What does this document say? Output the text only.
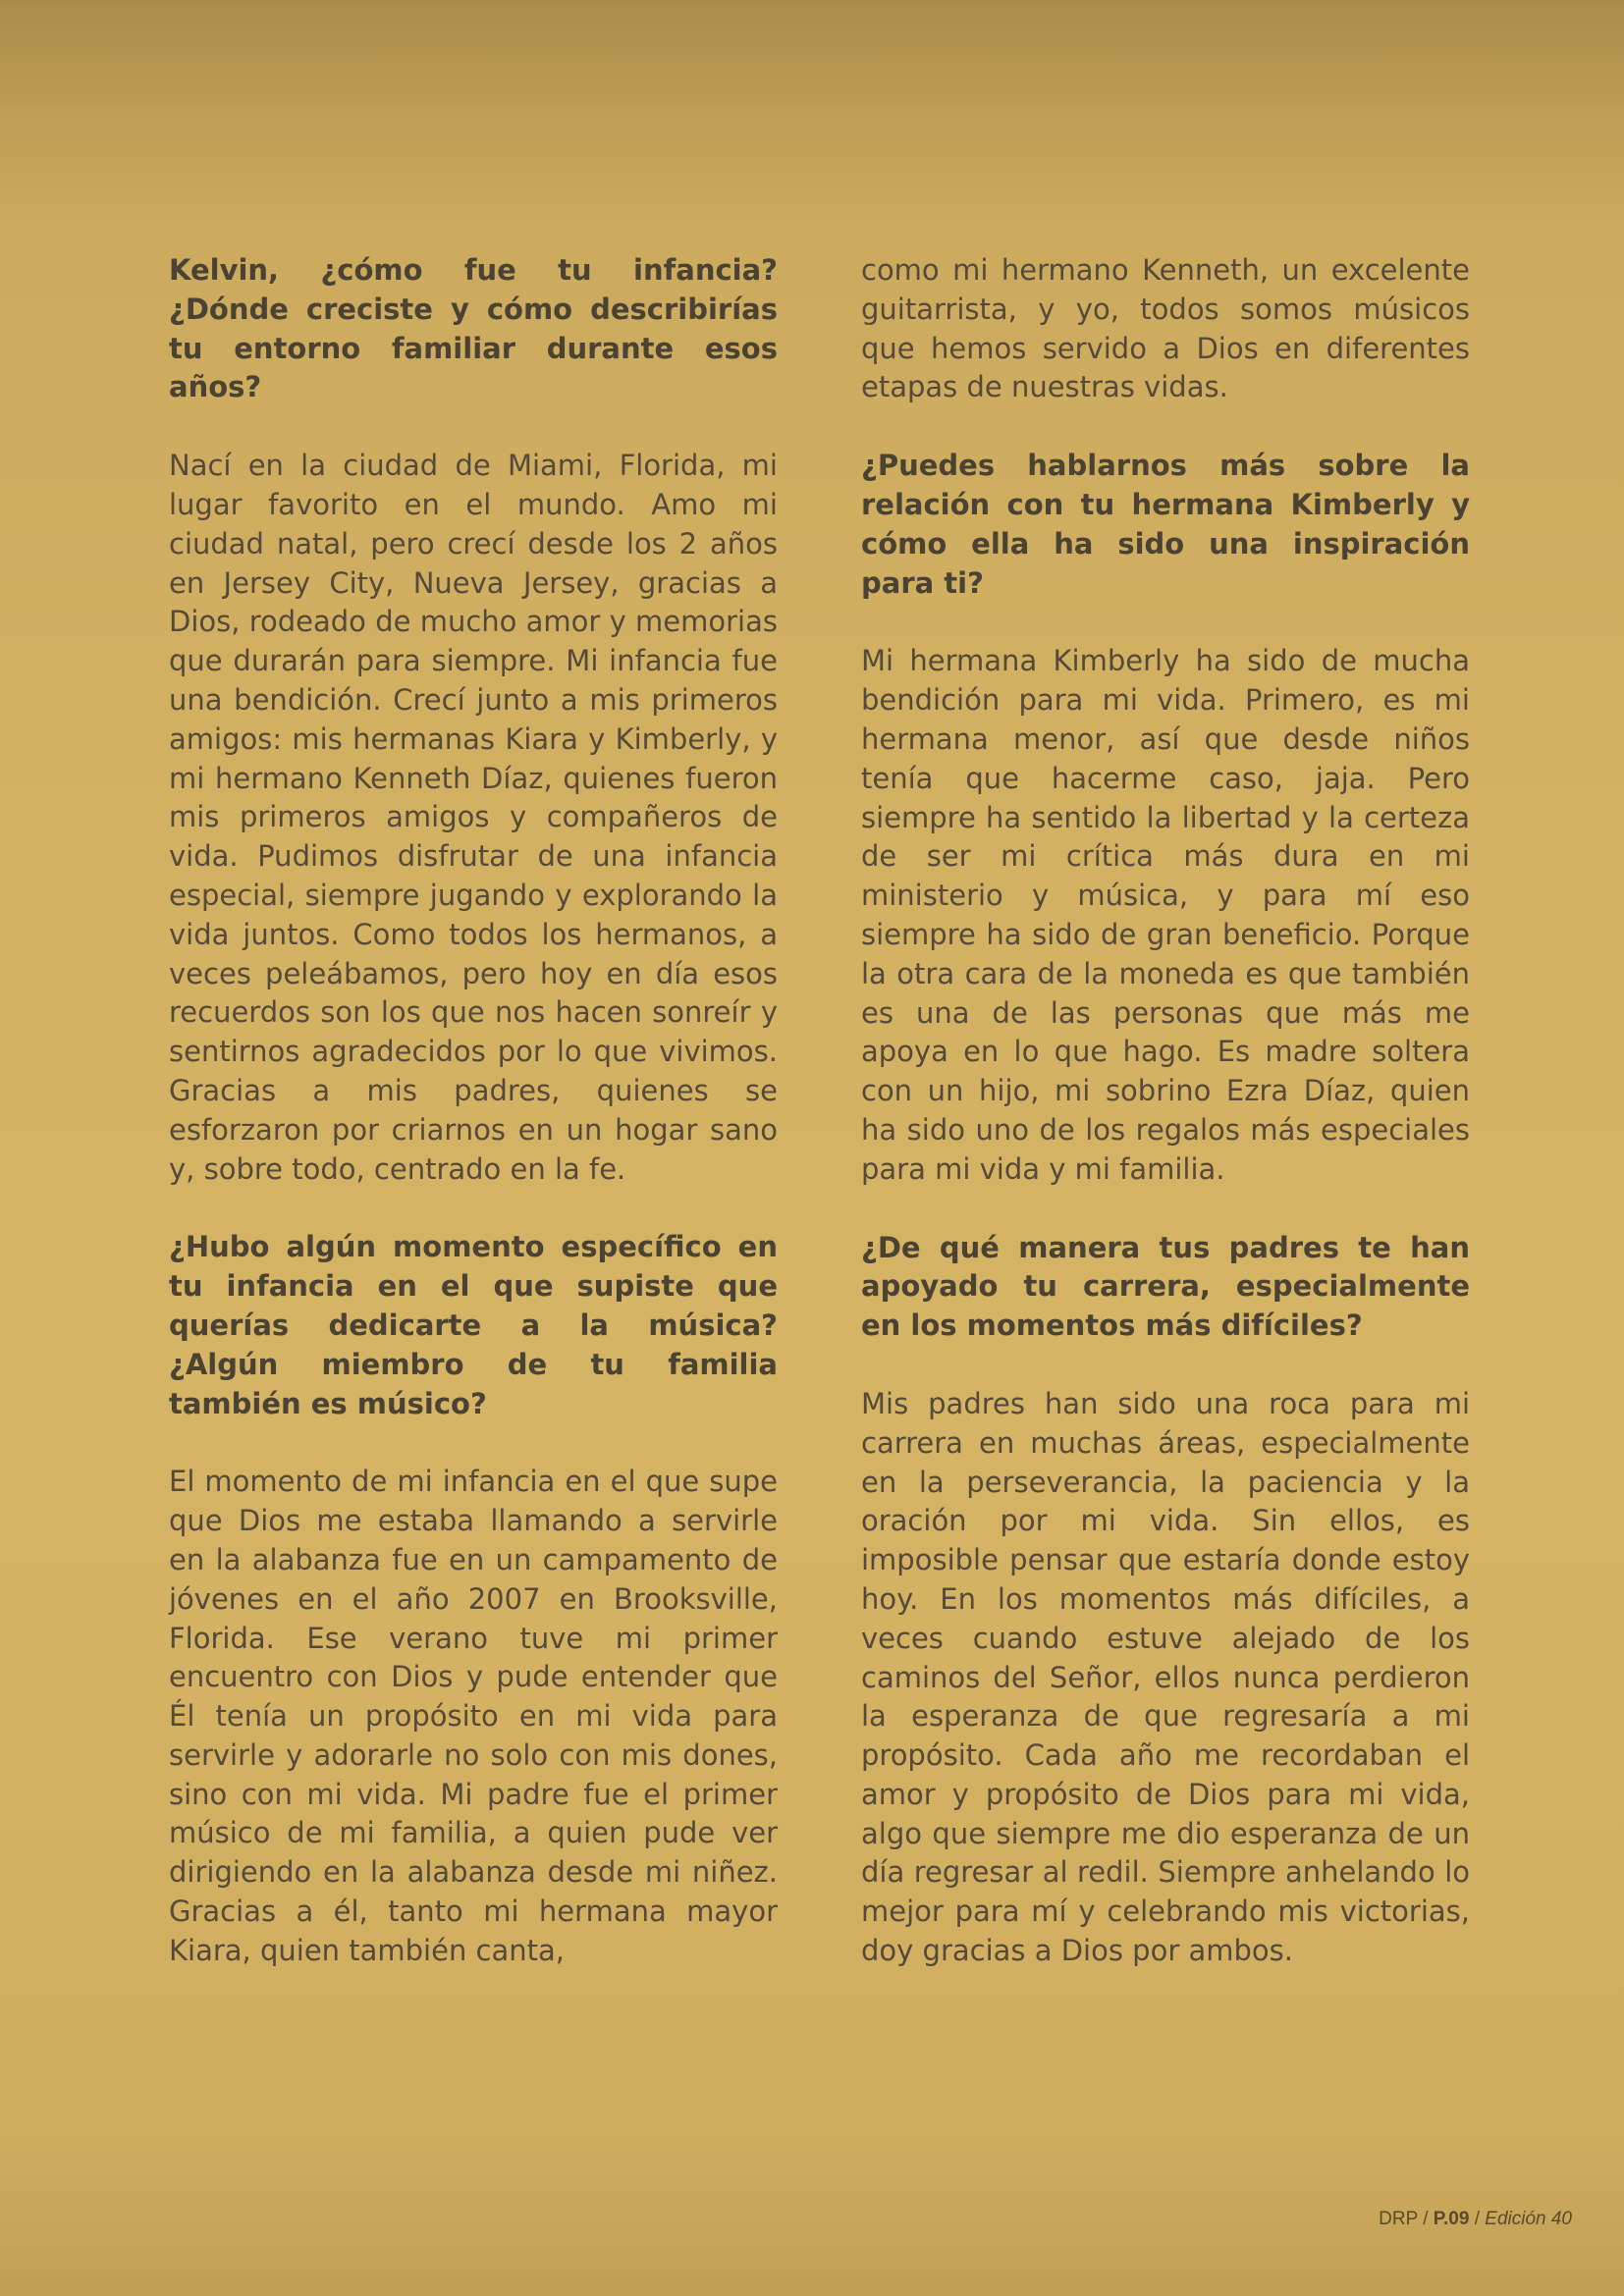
Kelvin, ¿cómo fue tu infancia? ¿Dónde creciste y cómo describirías tu entorno familiar durante esos años?

Nací en la ciudad de Miami, Florida, mi lugar favorito en el mundo. Amo mi ciudad natal, pero crecí desde los 2 años en Jersey City, Nueva Jersey, gracias a Dios, rodeado de mucho amor y memorias que durarán para siempre. Mi infancia fue una bendición. Crecí junto a mis primeros amigos: mis hermanas Kiara y Kimberly, y mi hermano Kenneth Díaz, quienes fueron mis primeros amigos y compañeros de vida. Pudimos disfrutar de una infancia especial, siempre jugando y explorando la vida juntos. Como todos los hermanos, a veces peleábamos, pero hoy en día esos recuerdos son los que nos hacen sonreír y sentirnos agradecidos por lo que vivimos. Gracias a mis padres, quienes se esforzaron por criarnos en un hogar sano y, sobre todo, centrado en la fe.

¿Hubo algún momento específico en tu infancia en el que supiste que querías dedicarte a la música? ¿Algún miembro de tu familia también es músico?

El momento de mi infancia en el que supe que Dios me estaba llamando a servirle en la alabanza fue en un campamento de jóvenes en el año 2007 en Brooksville, Florida. Ese verano tuve mi primer encuentro con Dios y pude entender que Él tenía un propósito en mi vida para servirle y adorarle no solo con mis dones, sino con mi vida. Mi padre fue el primer músico de mi familia, a quien pude ver dirigiendo en la alabanza desde mi niñez. Gracias a él, tanto mi hermana mayor Kiara, quien también canta,

como mi hermano Kenneth, un excelente guitarrista, y yo, todos somos músicos que hemos servido a Dios en diferentes etapas de nuestras vidas.

¿Puedes hablarnos más sobre la relación con tu hermana Kimberly y cómo ella ha sido una inspiración para ti?

Mi hermana Kimberly ha sido de mucha bendición para mi vida. Primero, es mi hermana menor, así que desde niños tenía que hacerme caso, jaja. Pero siempre ha sentido la libertad y la certeza de ser mi crítica más dura en mi ministerio y música, y para mí eso siempre ha sido de gran beneficio. Porque la otra cara de la moneda es que también es una de las personas que más me apoya en lo que hago. Es madre soltera con un hijo, mi sobrino Ezra Díaz, quien ha sido uno de los regalos más especiales para mi vida y mi familia.

¿De qué manera tus padres te han apoyado tu carrera, especialmente en los momentos más difíciles?

Mis padres han sido una roca para mi carrera en muchas áreas, especialmente en la perseverancia, la paciencia y la oración por mi vida. Sin ellos, es imposible pensar que estaría donde estoy hoy. En los momentos más difíciles, a veces cuando estuve alejado de los caminos del Señor, ellos nunca perdieron la esperanza de que regresaría a mi propósito. Cada año me recordaban el amor y propósito de Dios para mi vida, algo que siempre me dio esperanza de un día regresar al redil. Siempre anhelando lo mejor para mí y celebrando mis victorias, doy gracias a Dios por ambos.

DRP / P.09 / Edición 40
